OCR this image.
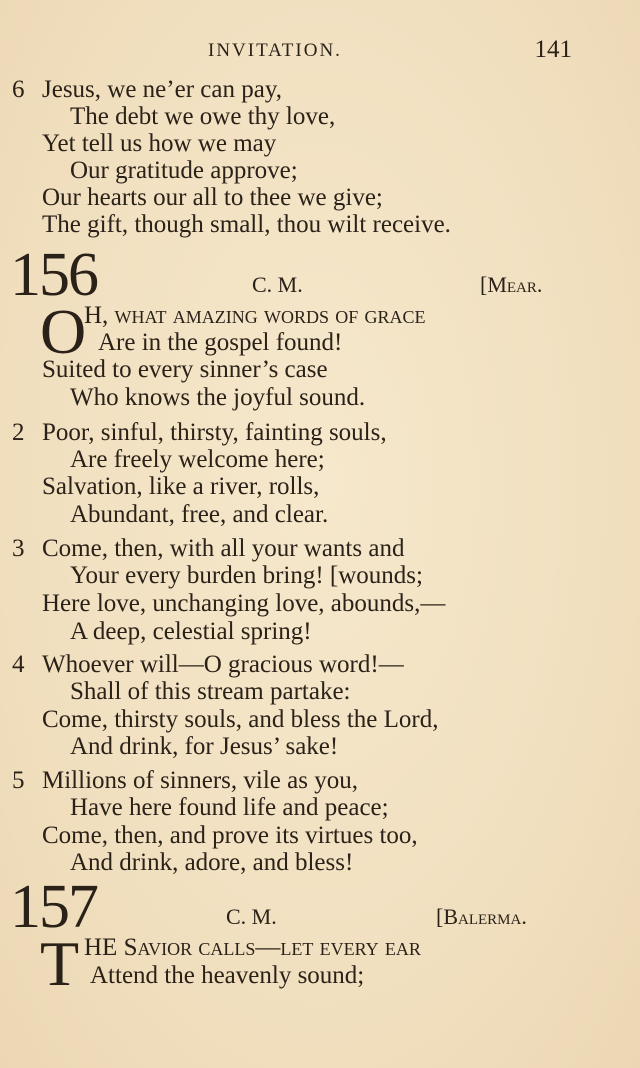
INVITATION.	141
6 Jesus, we ne’er can pay,
The debt we owe thy love,
Yet tell us how we may
Our gratitude approve;
Our hearts our all to thee we give;
The gift, though small, thou wilt receive.
156	C. M.	[Mear.
O
H, what amazing words of grace
Are in the gospel found!
Suited to every sinner’s case
Who knows the joyful sound.
2 Poor, sinful, thirsty, fainting souls,
Are freely welcome here;
Salvation, like a river, rolls,
Abundant, free, and clear.
3 Come, then, with all your wants and
Your every burden bring! [wounds;
Here love, unchanging love, abounds,—
A deep, celestial spring!
4 Whoever will—O gracious word!—
Shall of this stream partake:
Come, thirsty souls, and bless the Lord,
And drink, for Jesus’ sake!
5 Millions of sinners, vile as you,
Have here found life and peace;
Come, then, and prove its virtues too,
And drink, adore, and bless!
157	C. M.	[Balerma.
T HE Savior calls—let every ear
Attend the heavenly sound;
